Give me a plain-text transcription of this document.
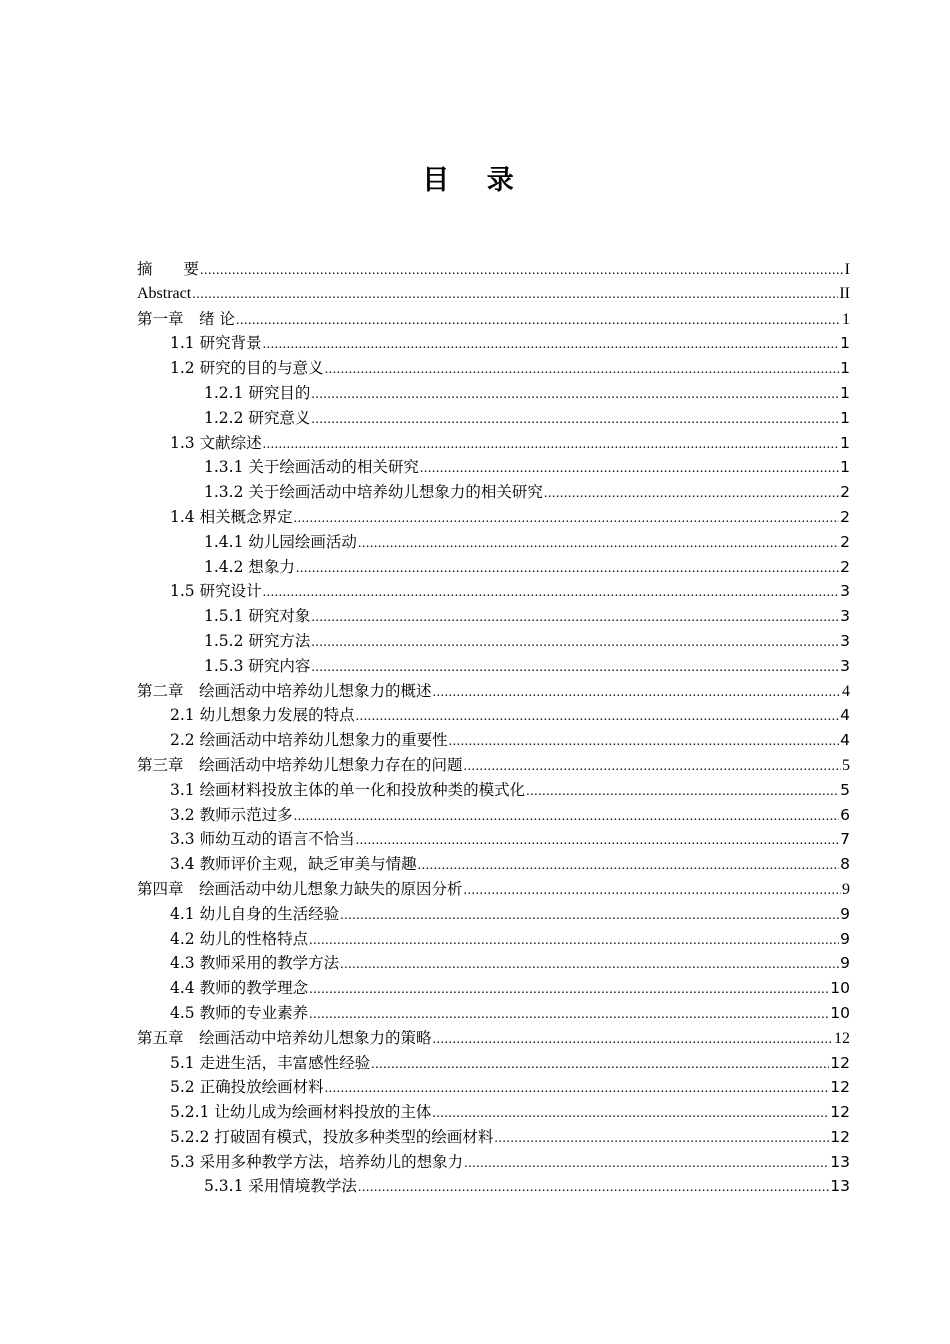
目 录
摘　　要 .....	I
Abstract .....	II
第一章　绪 论 .....	1
1.1 研究背景 .....	1
1.2 研究的目的与意义 .....	1
1.2.1 研究目的 .....	1
1.2.2 研究意义 .....	1
1.3 文献综述 .....	1
1.3.1 关于绘画活动的相关研究 .....	1
1.3.2 关于绘画活动中培养幼儿想象力的相关研究 .....	2
1.4 相关概念界定 .....	2
1.4.1 幼儿园绘画活动 .....	2
1.4.2 想象力 .....	2
1.5 研究设计 .....	3
1.5.1 研究对象 .....	3
1.5.2 研究方法 .....	3
1.5.3 研究内容 .....	3
第二章　绘画活动中培养幼儿想象力的概述 .....	4
2.1 幼儿想象力发展的特点 .....	4
2.2 绘画活动中培养幼儿想象力的重要性 .....	4
第三章　绘画活动中培养幼儿想象力存在的问题 .....	5
3.1 绘画材料投放主体的单一化和投放种类的模式化 .....	5
3.2 教师示范过多 .....	6
3.3 师幼互动的语言不恰当 .....	7
3.4 教师评价主观，缺乏审美与情趣 .....	8
第四章　绘画活动中幼儿想象力缺失的原因分析 .....	9
4.1 幼儿自身的生活经验 .....	9
4.2 幼儿的性格特点 .....	9
4.3 教师采用的教学方法 .....	9
4.4 教师的教学理念 .....	10
4.5 教师的专业素养 .....	10
第五章　绘画活动中培养幼儿想象力的策略 .....	12
5.1 走进生活，丰富感性经验 .....	12
5.2 正确投放绘画材料 .....	12
5.2.1 让幼儿成为绘画材料投放的主体 .....	12
5.2.2 打破固有模式，投放多种类型的绘画材料 .....	12
5.3 采用多种教学方法，培养幼儿的想象力 .....	13
5.3.1 采用情境教学法 .....	13
